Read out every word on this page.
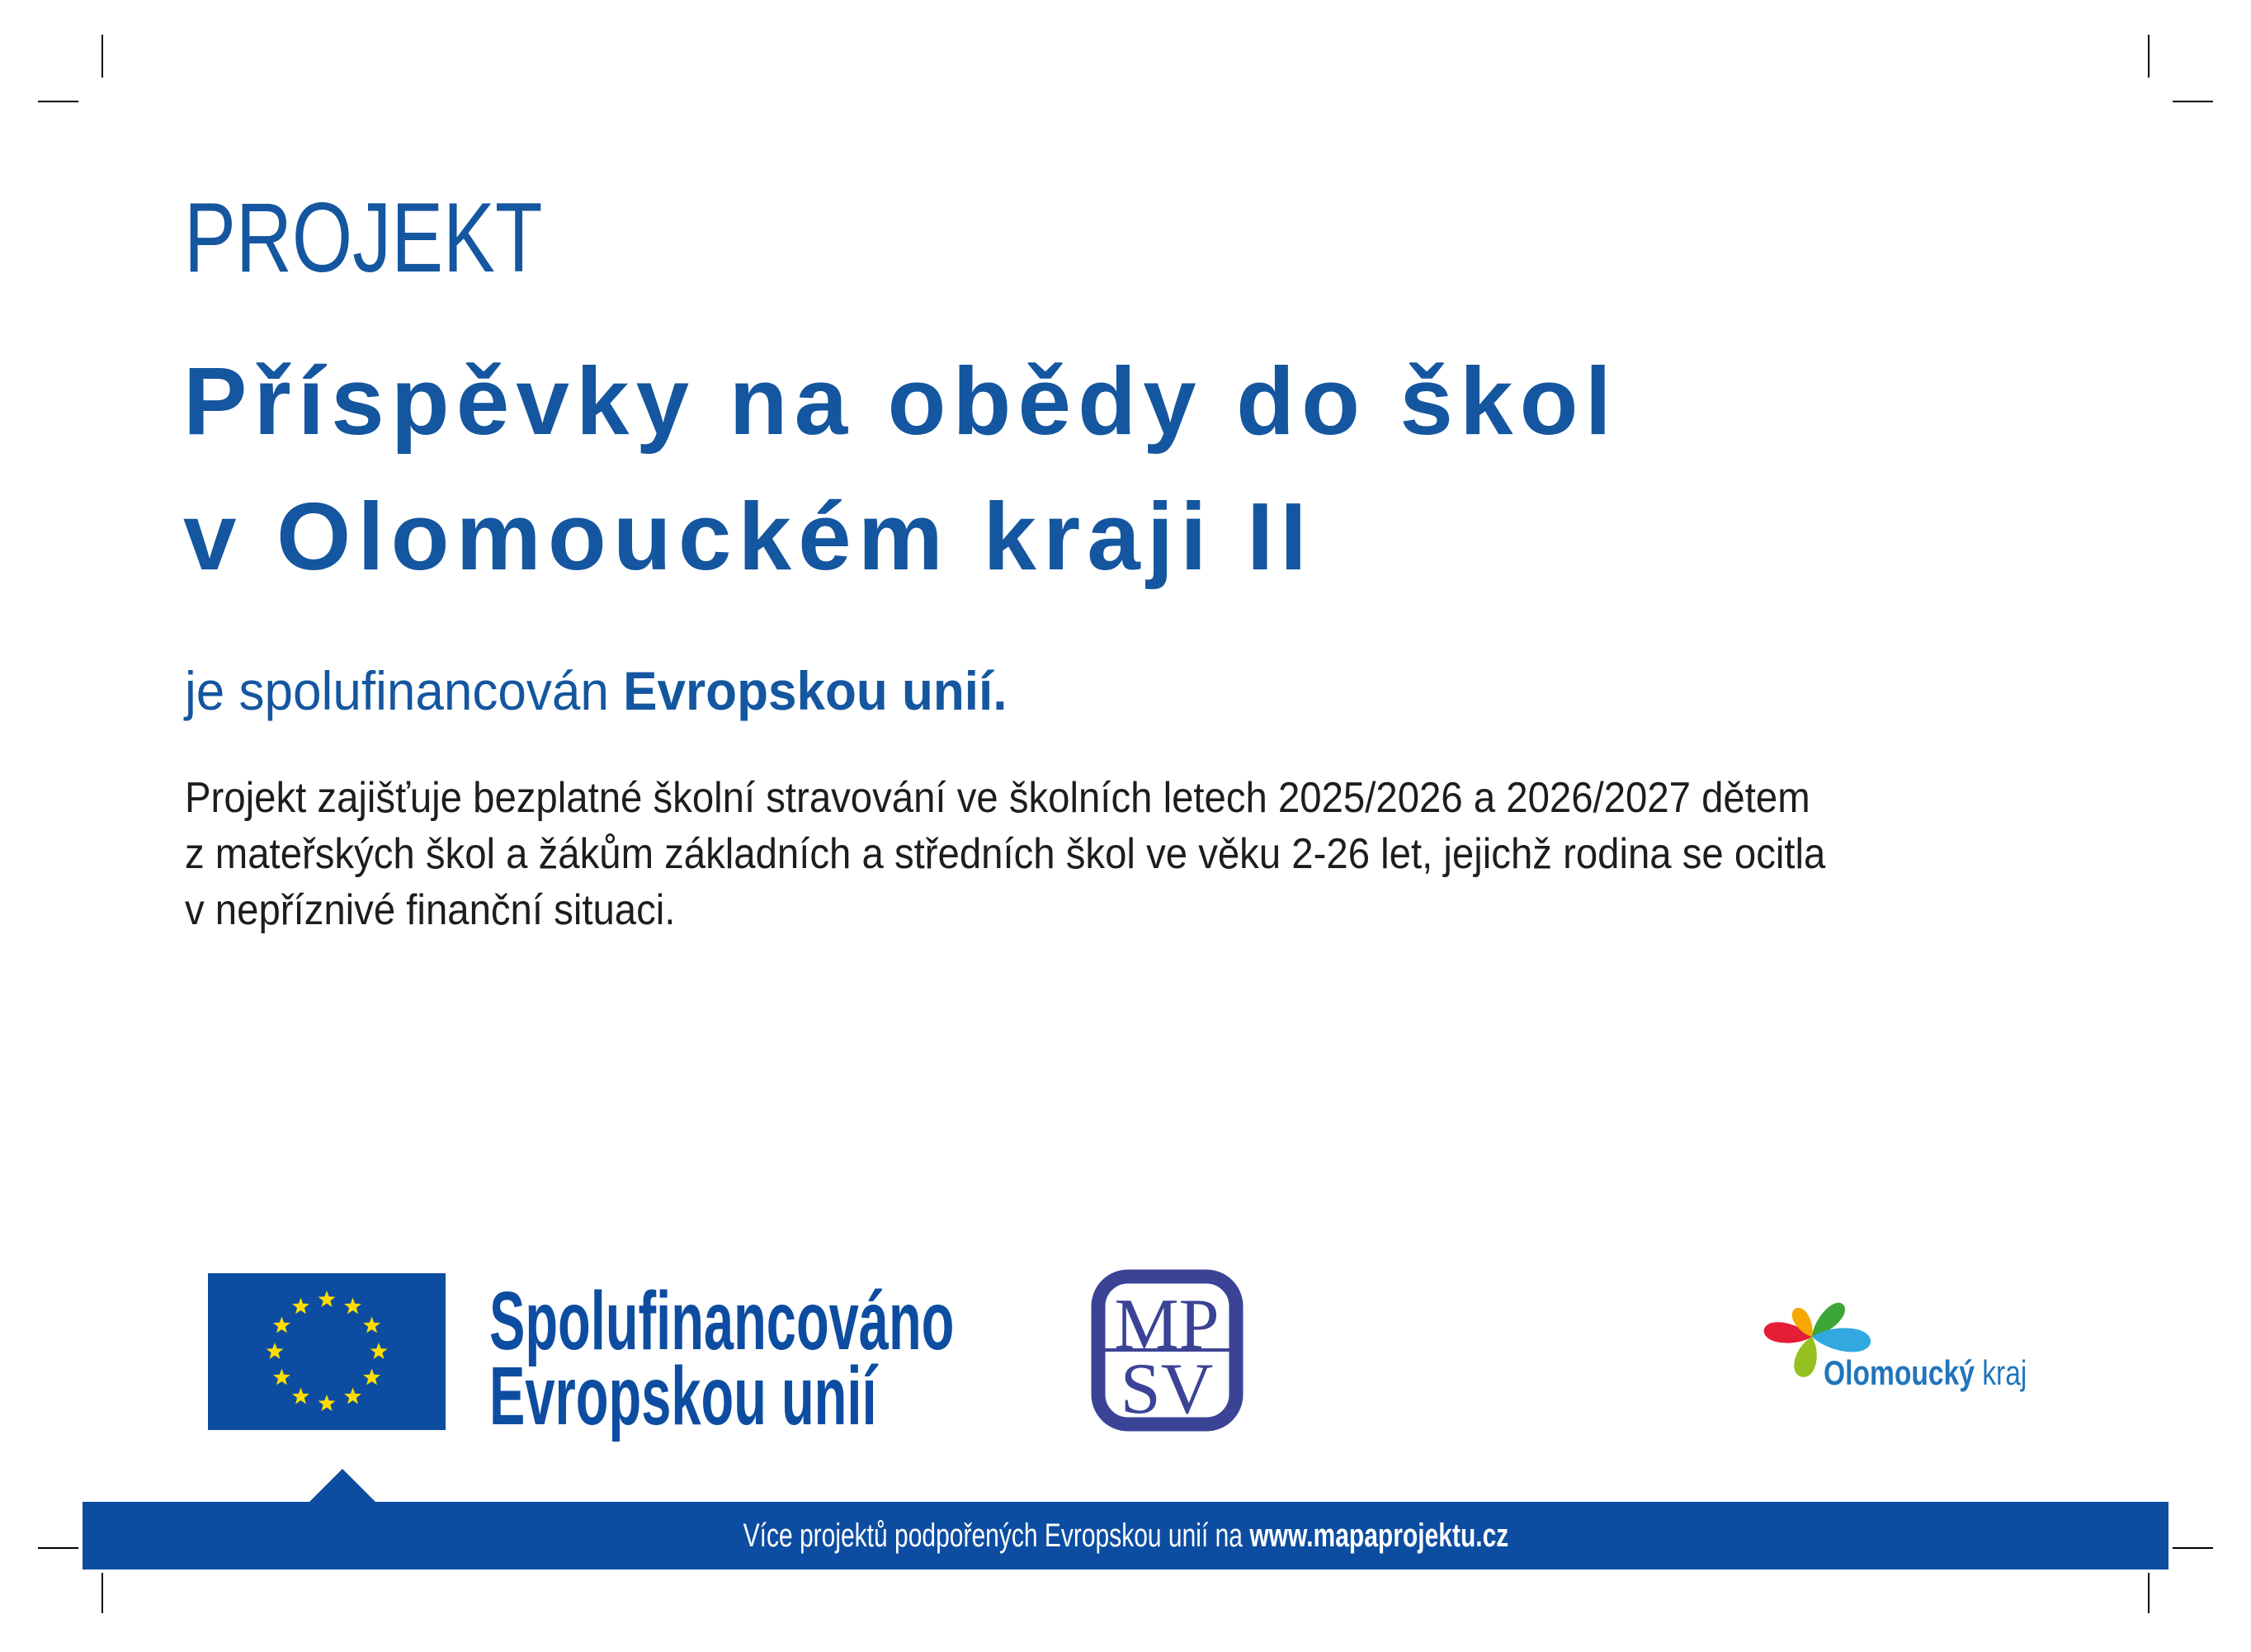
PROJEKT
Příspěvky na obědy do škol
v Olomouckém kraji II
je spolufinancován Evropskou unií.
Projekt zajišťuje bezplatné školní stravování ve školních letech 2025/2026 a 2026/2027 dětem
z mateřských škol a žákům základních a středních škol ve věku 2-26 let, jejichž rodina se ocitla
v nepříznivé finanční situaci.
Spolufinancováno
Evropskou unií
MP
SV	Olomoucký kraj
Více projektů podpořených Evropskou unií na www.mapaprojektu.cz
